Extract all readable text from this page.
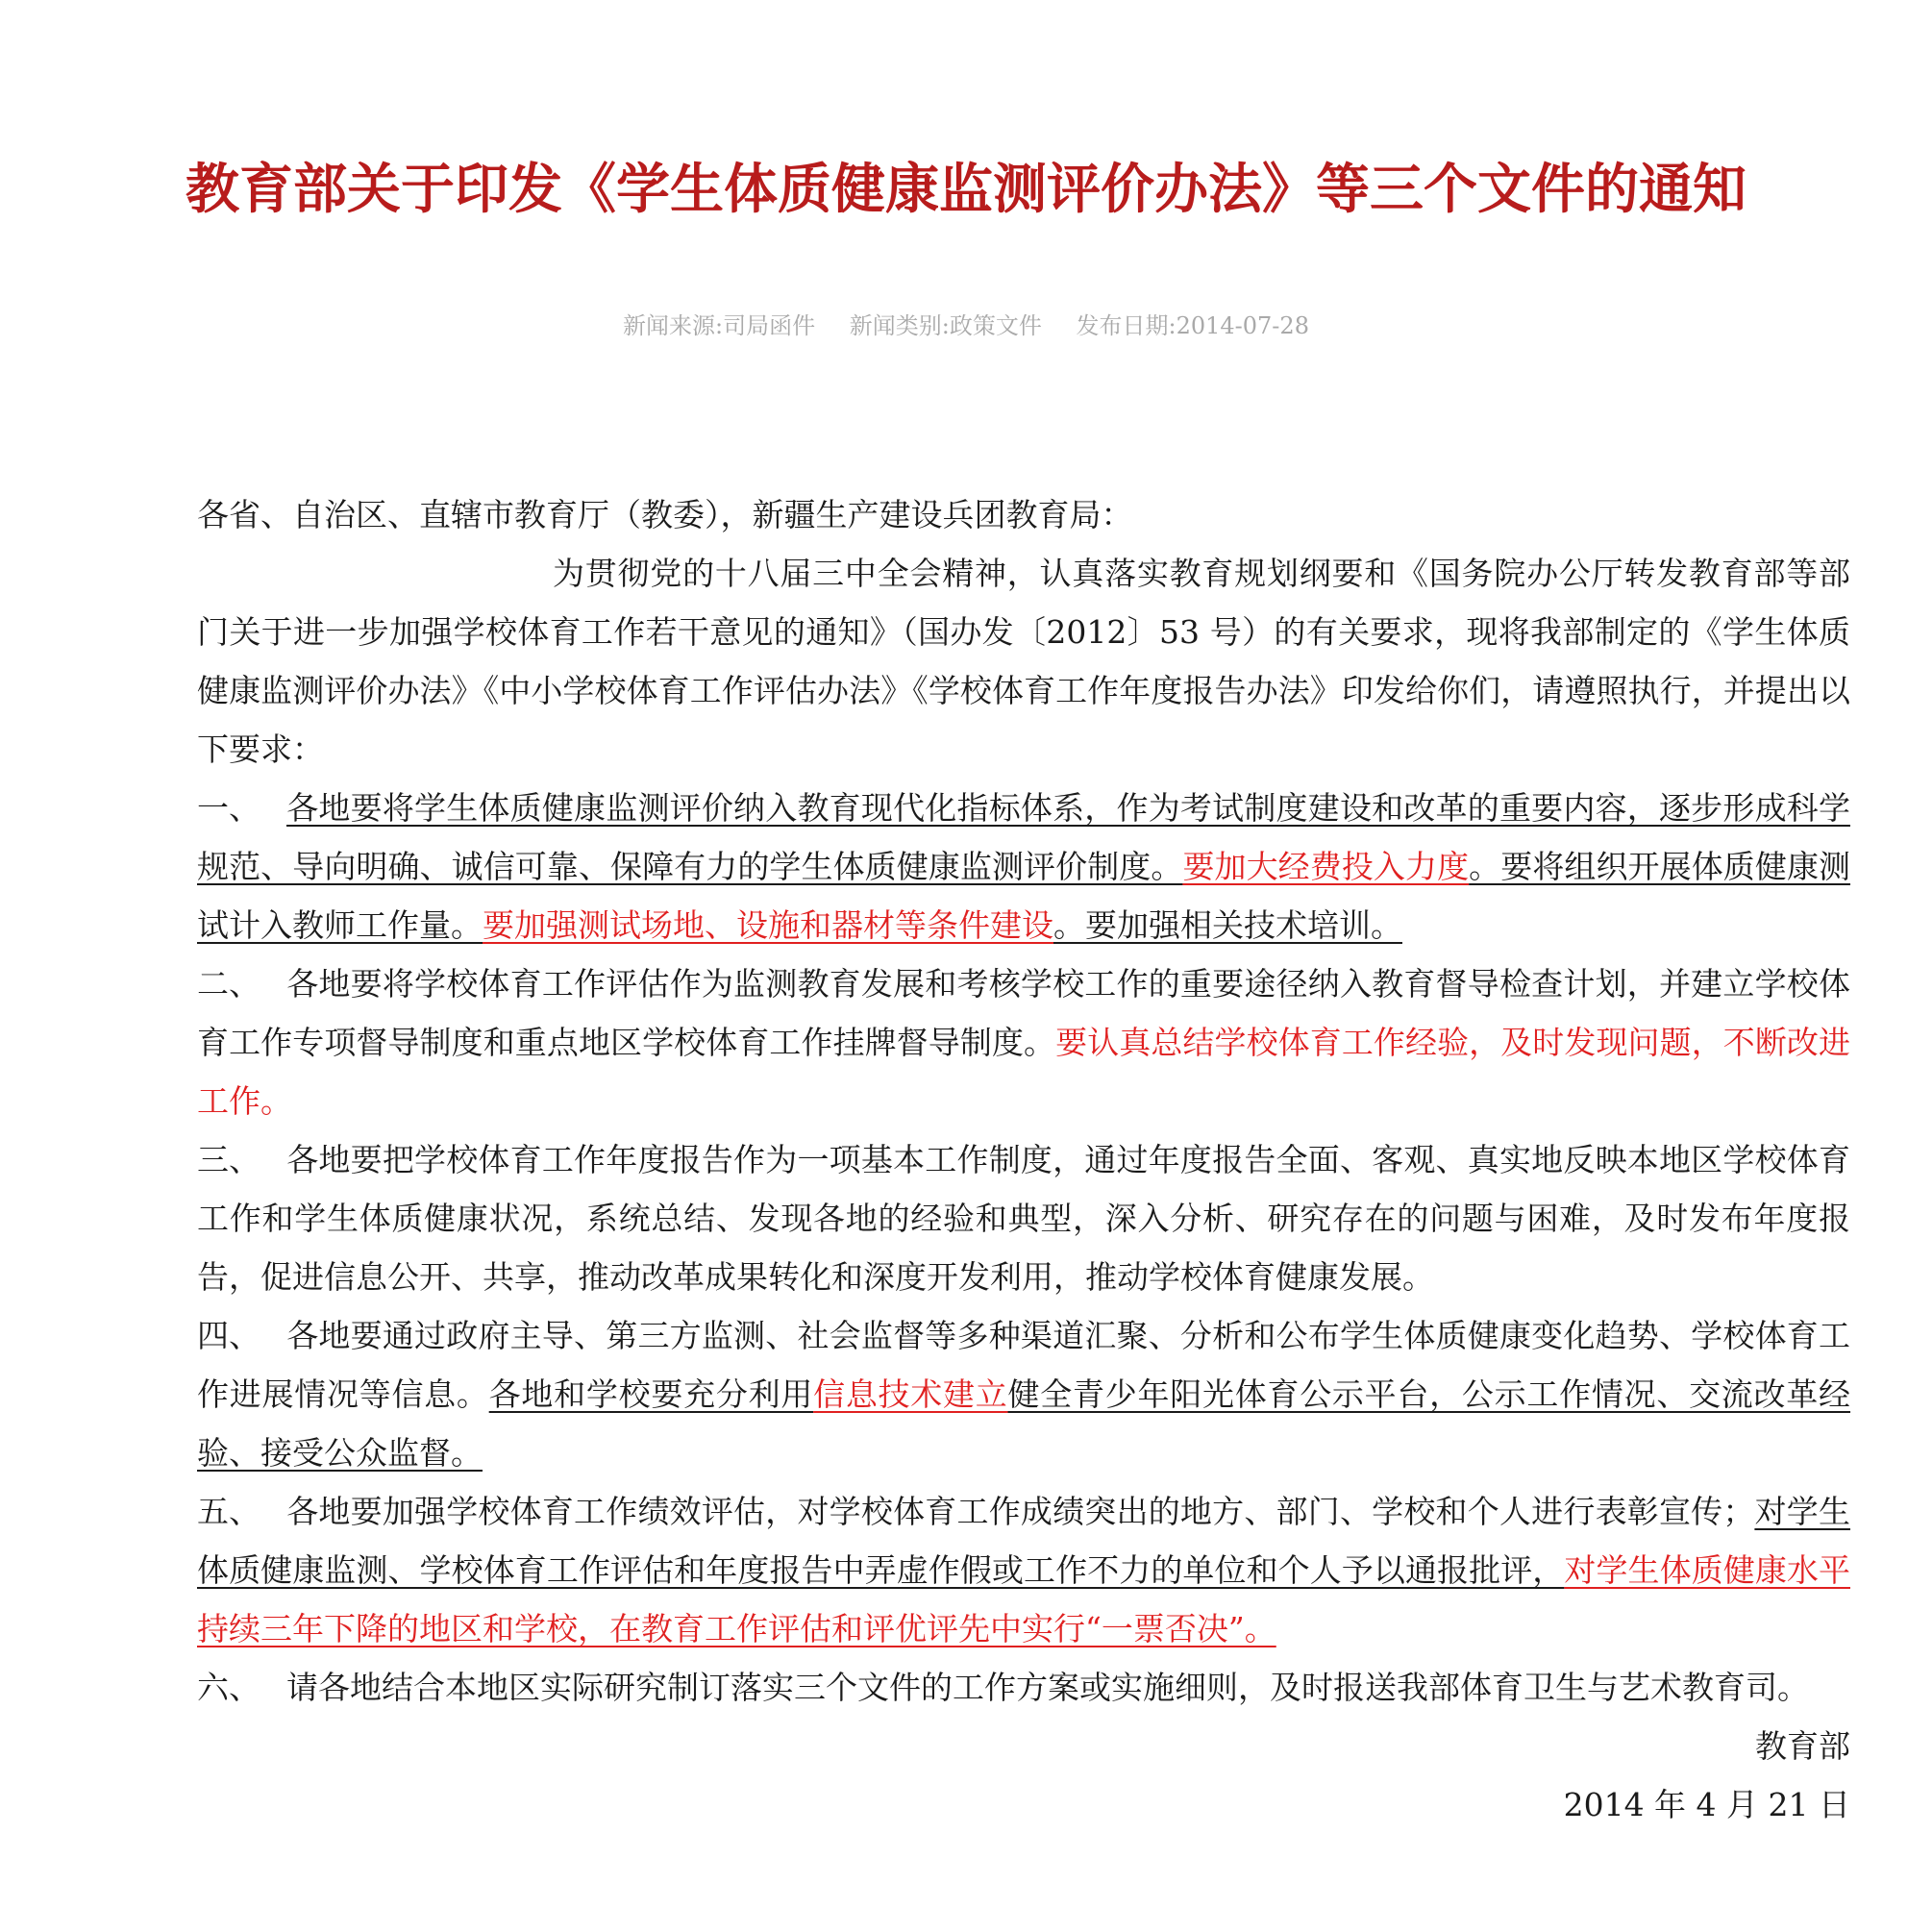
教育部关于印发《学生体质健康监测评价办法》等三个文件的通知
新闻来源:司局函件 新闻类别:政策文件 发布日期:2014-07-28

各省、自治区、直辖市教育厅（教委），新疆生产建设兵团教育局：

为贯彻党的十八届三中全会精神，认真落实教育规划纲要和《国务院办公厅转发教育部等部门关于进一步加强学校体育工作若干意见的通知》（国办发〔2012〕53 号）的有关要求，现将我部制定的《学生体质健康监测评价办法》《中小学校体育工作评估办法》《学校体育工作年度报告办法》印发给你们，请遵照执行，并提出以下要求：

一、 各地要将学生体质健康监测评价纳入教育现代化指标体系，作为考试制度建设和改革的重要内容，逐步形成科学规范、导向明确、诚信可靠、保障有力的学生体质健康监测评价制度。要加大经费投入力度。要将组织开展体质健康测试计入教师工作量。要加强测试场地、设施和器材等条件建设。要加强相关技术培训。

二、 各地要将学校体育工作评估作为监测教育发展和考核学校工作的重要途径纳入教育督导检查计划，并建立学校体育工作专项督导制度和重点地区学校体育工作挂牌督导制度。要认真总结学校体育工作经验，及时发现问题，不断改进工作。

三、 各地要把学校体育工作年度报告作为一项基本工作制度，通过年度报告全面、客观、真实地反映本地区学校体育工作和学生体质健康状况，系统总结、发现各地的经验和典型，深入分析、研究存在的问题与困难，及时发布年度报告，促进信息公开、共享，推动改革成果转化和深度开发利用，推动学校体育健康发展。

四、 各地要通过政府主导、第三方监测、社会监督等多种渠道汇聚、分析和公布学生体质健康变化趋势、学校体育工作进展情况等信息。各地和学校要充分利用信息技术建立健全青少年阳光体育公示平台，公示工作情况、交流改革经验、接受公众监督。

五、 各地要加强学校体育工作绩效评估，对学校体育工作成绩突出的地方、部门、学校和个人进行表彰宣传；对学生体质健康监测、学校体育工作评估和年度报告中弄虚作假或工作不力的单位和个人予以通报批评，对学生体质健康水平持续三年下降的地区和学校，在教育工作评估和评优评先中实行“一票否决”。

六、 请各地结合本地区实际研究制订落实三个文件的工作方案或实施细则，及时报送我部体育卫生与艺术教育司。

教育部

2014 年 4 月 21 日
